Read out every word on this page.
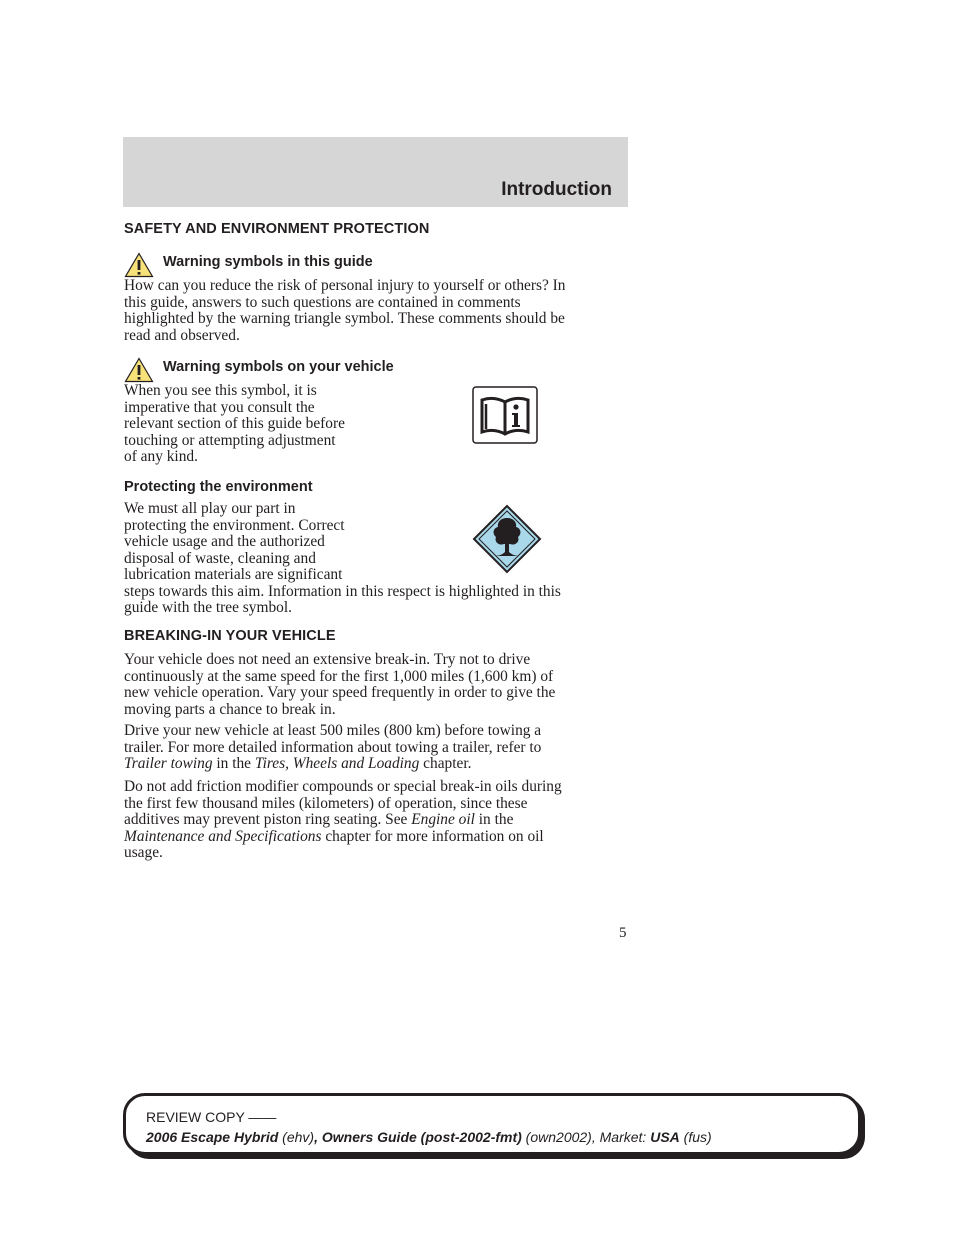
Introduction
SAFETY AND ENVIRONMENT PROTECTION
Warning symbols in this guide
How can you reduce the risk of personal injury to yourself or others? In
this guide, answers to such questions are contained in comments
highlighted by the warning triangle symbol. These comments should be
read and observed.
Warning symbols on your vehicle
When you see this symbol, it is
imperative that you consult the
relevant section of this guide before
touching or attempting adjustment
of any kind.
Protecting the environment
We must all play our part in
protecting the environment. Correct
vehicle usage and the authorized
disposal of waste, cleaning and
lubrication materials are significant
steps towards this aim. Information in this respect is highlighted in this
guide with the tree symbol.
BREAKING-IN YOUR VEHICLE
Your vehicle does not need an extensive break-in. Try not to drive
continuously at the same speed for the first 1,000 miles (1,600 km) of
new vehicle operation. Vary your speed frequently in order to give the
moving parts a chance to break in.
Drive your new vehicle at least 500 miles (800 km) before towing a
trailer. For more detailed information about towing a trailer, refer to
Trailer towing in the Tires, Wheels and Loading chapter.
Do not add friction modifier compounds or special break-in oils during
the first few thousand miles (kilometers) of operation, since these
additives may prevent piston ring seating. See Engine oil in the
Maintenance and Specifications chapter for more information on oil
usage.
5
REVIEW COPY ——
2006 Escape Hybrid (ehv), Owners Guide (post-2002-fmt) (own2002), Market: USA (fus)
